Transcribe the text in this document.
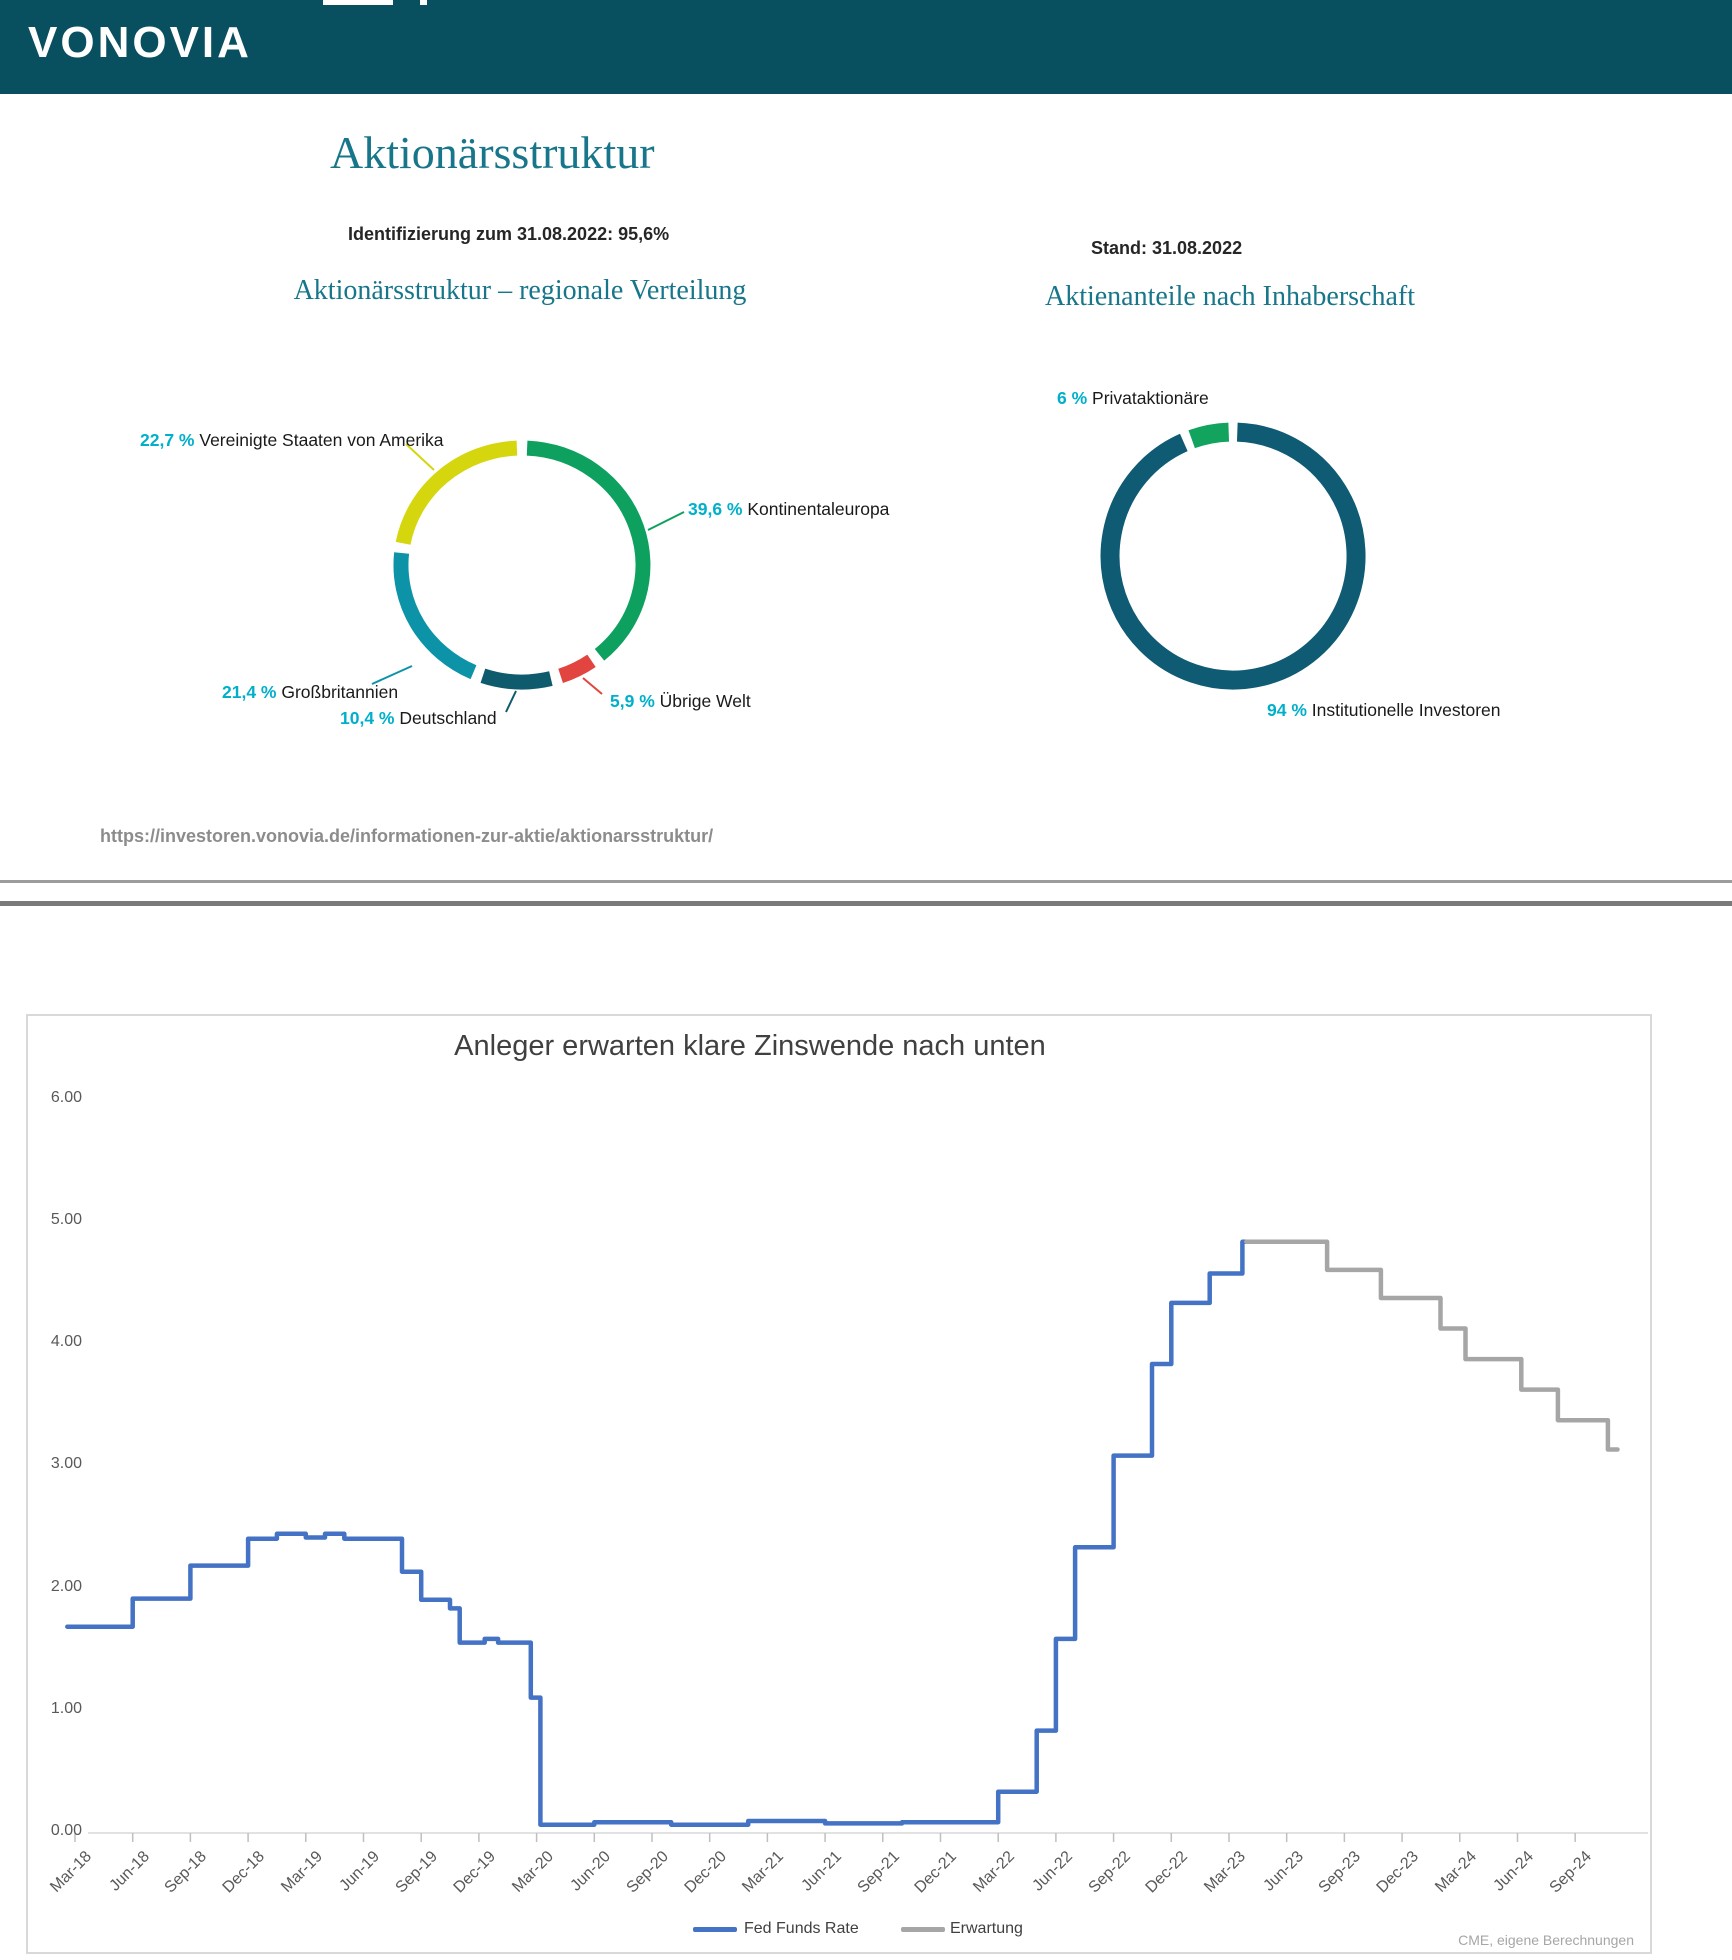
VONOVIA
Aktionärsstruktur
Identifizierung zum 31.08.2022: 95,6%
Stand: 31.08.2022
Aktionärsstruktur – regionale Verteilung	Aktienanteile nach Inhaberschaft
22,7 % Vereinigte Staaten von Amerika
39,6 % Kontinentaleuropa
21,4 % Großbritannien
10,4 % Deutschland
5,9 % Übrige Welt
6 % Privataktionäre
94 % Institutionelle Investoren
https://investoren.vonovia.de/informationen-zur-aktie/aktionarsstruktur/
Anleger erwarten klare Zinswende nach unten
0.00
1.00
2.00
3.00
4.00
5.00
6.00
Mar-18 Jun-18 Sep-18 Dec-18 Mar-19 Jun-19 Sep-19 Dec-19 Mar-20 Jun-20 Sep-20 Dec-20 Mar-21 Jun-21 Sep-21 Dec-21 Mar-22 Jun-22 Sep-22 Dec-22 Mar-23 Jun-23 Sep-23 Dec-23 Mar-24 Jun-24 Sep-24
Fed Funds Rate	Erwartung
CME, eigene Berechnungen
